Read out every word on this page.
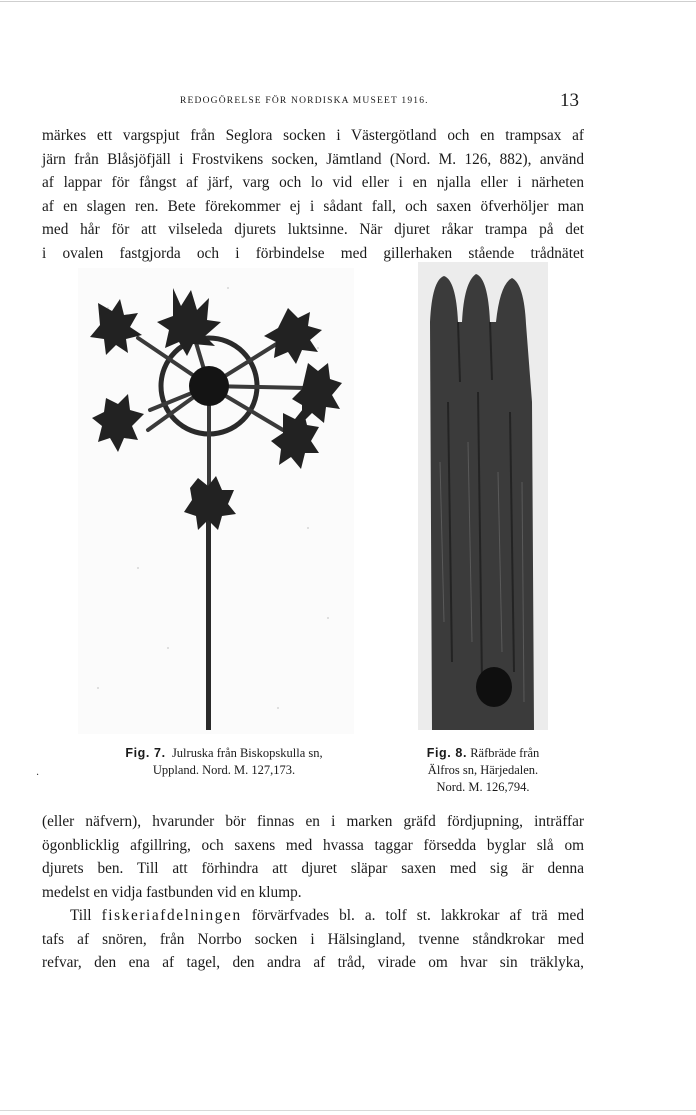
REDOGÖRELSE FÖR NORDISKA MUSEET 1916.	13
märkes ett vargspjut från Seglora socken i Västergötland och en trampsax af
järn från Blåsjöfjäll i Frostvikens socken, Jämtland (Nord. M. 126, 882), använd
af lappar för fångst af järf, varg och lo vid eller i en njalla eller i närheten
af en slagen ren. Bete förekommer ej i sådant fall, och saxen öfverhöljer man
med hår för att vilseleda djurets luktsinne. När djuret råkar trampa på det
i ovalen fastgjorda och i förbindelse med gillerhaken stående trådnätet
Fig. 7. Julruska från Biskopskulla sn,
Uppland. Nord. M. 127,173.
Fig. 8. Räfbräde från
Älfros sn, Härjedalen.
Nord. M. 126,794.
·
(eller näfvern), hvarunder bör finnas en i marken gräfd fördjupning, inträffar
ögonblicklig afgillring, och saxens med hvassa taggar försedda byglar slå om
djurets ben. Till att förhindra att djuret släpar saxen med sig är denna
medelst en vidja fastbunden vid en klump.
Till fiskeriafdelningen förvärfvades bl. a. tolf st. lakkrokar af trä med
tafs af snören, från Norrbo socken i Hälsingland, tvenne ståndkrokar med
refvar, den ena af tagel, den andra af tråd, virade om hvar sin träklyka,
